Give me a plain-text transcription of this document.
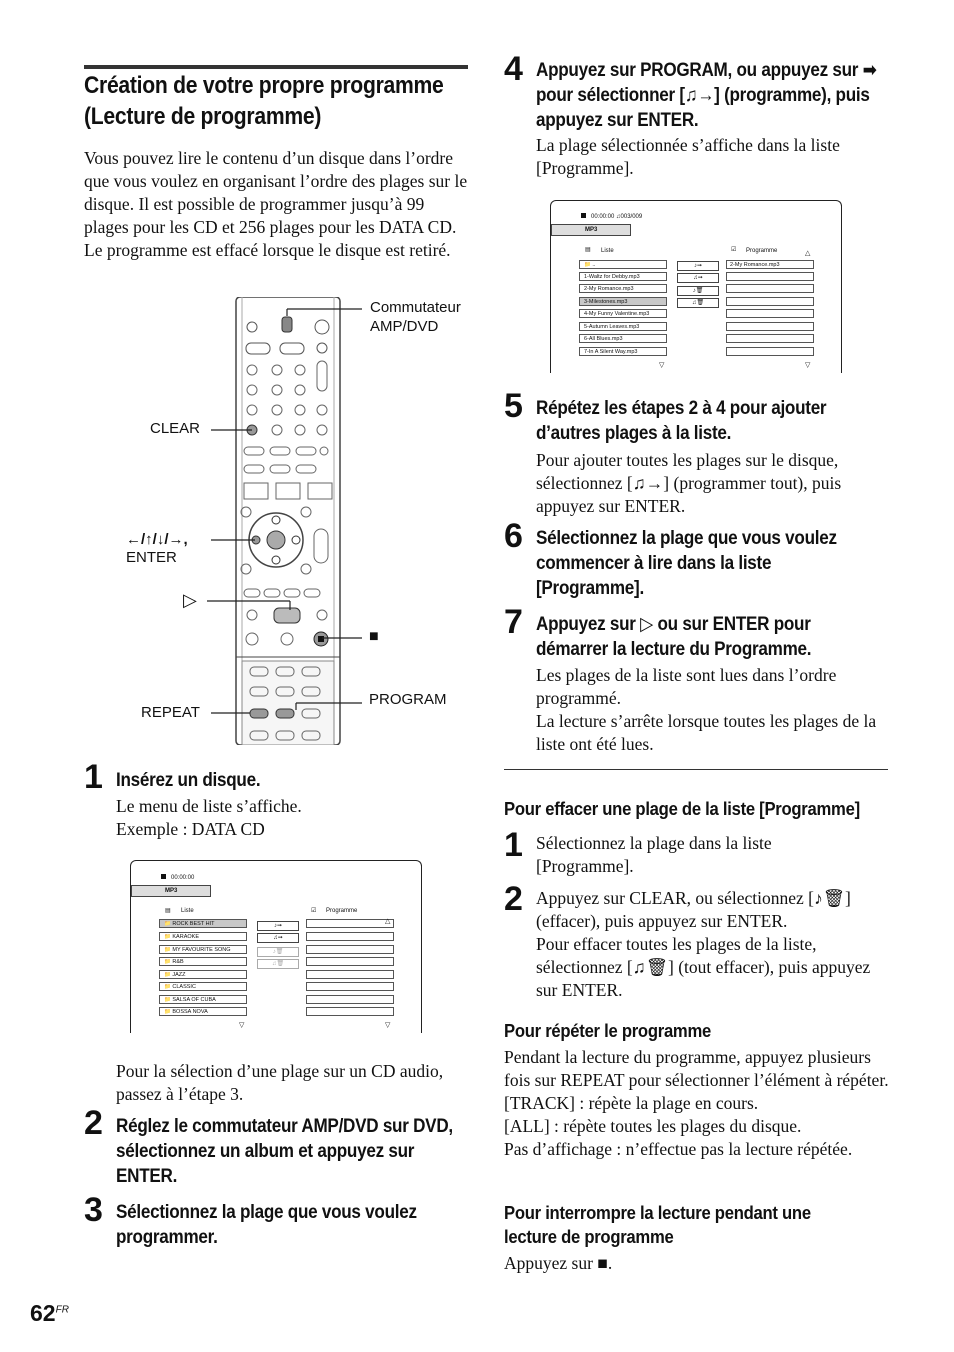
Création de votre propre programme (Lecture de programme)
Vous pouvez lire le contenu d’un disque dans l’ordre que vous voulez en organisant l’ordre des plages sur le disque. Il est possible de programmer jusqu’à 99 plages pour les CD et 256 plages pour les DATA CD. Le programme est effacé lorsque le disque est retiré.
Commutateur
AMP/DVD
CLEAR
←/↑/↓/→,
ENTER
▷
■
REPEAT
PROGRAM
1 Insérez un disque.
Le menu de liste s’affiche.
Exemple : DATA CD
00:00:00
MP3
▤ Liste	☑ Programme
📁 ROCK BEST HIT
📁 KARAOKE
📁 MY FAVOURITE SONG
📁 R&B
📁 JAZZ
📁 CLASSIC
📁 SALSA OF CUBA
📁 BOSSA NOVA
♪➞
♫➞
♪🗑
♫🗑
▽	▽
△
Pour la sélection d’une plage sur un CD audio, passez à l’étape 3.
2 Réglez le commutateur AMP/DVD sur DVD, sélectionnez un album et appuyez sur ENTER.
3 Sélectionnez la plage que vous voulez programmer.
$62^{FR}$
4 Appuyez sur PROGRAM, ou appuyez sur ➡ pour sélectionner [♫→] (programme), puis appuyez sur ENTER.
La plage sélectionnée s’affiche dans la liste [Programme].
00:00:00 ♫003/009
MP3
▤ Liste	☑ Programme
📁 ..
1-Waltz for Debby.mp3
2-My Romance.mp3
3-Milestones.mp3
4-My Funny Valentine.mp3
5-Autumn Leaves.mp3
6-All Blues.mp3
7-In A Silent Way.mp3
♪➞
♫➞
♪🗑
♫🗑
2-My Romance.mp3
▽	▽
△
5 Répétez les étapes 2 à 4 pour ajouter d’autres plages à la liste.
Pour ajouter toutes les plages sur le disque, sélectionnez [♫→] (programmer tout), puis appuyez sur ENTER.
6 Sélectionnez la plage que vous voulez commencer à lire dans la liste [Programme].
7 Appuyez sur ▷ ou sur ENTER pour démarrer la lecture du Programme.
Les plages de la liste sont lues dans l’ordre programmé.
La lecture s’arrête lorsque toutes les plages de la liste ont été lues.
Pour effacer une plage de la liste [Programme]
1 Sélectionnez la plage dans la liste [Programme].
2 Appuyez sur CLEAR, ou sélectionnez [♪🗑] (effacer), puis appuyez sur ENTER.
Pour effacer toutes les plages de la liste, sélectionnez [♫🗑] (tout effacer), puis appuyez sur ENTER.
Pour répéter le programme
Pendant la lecture du programme, appuyez plusieurs fois sur REPEAT pour sélectionner l’élément à répéter.
[TRACK] : répète la plage en cours.
[ALL] : répète toutes les plages du disque.
Pas d’affichage : n’effectue pas la lecture répétée.
Pour interrompre la lecture pendant une lecture de programme
Appuyez sur ■.
